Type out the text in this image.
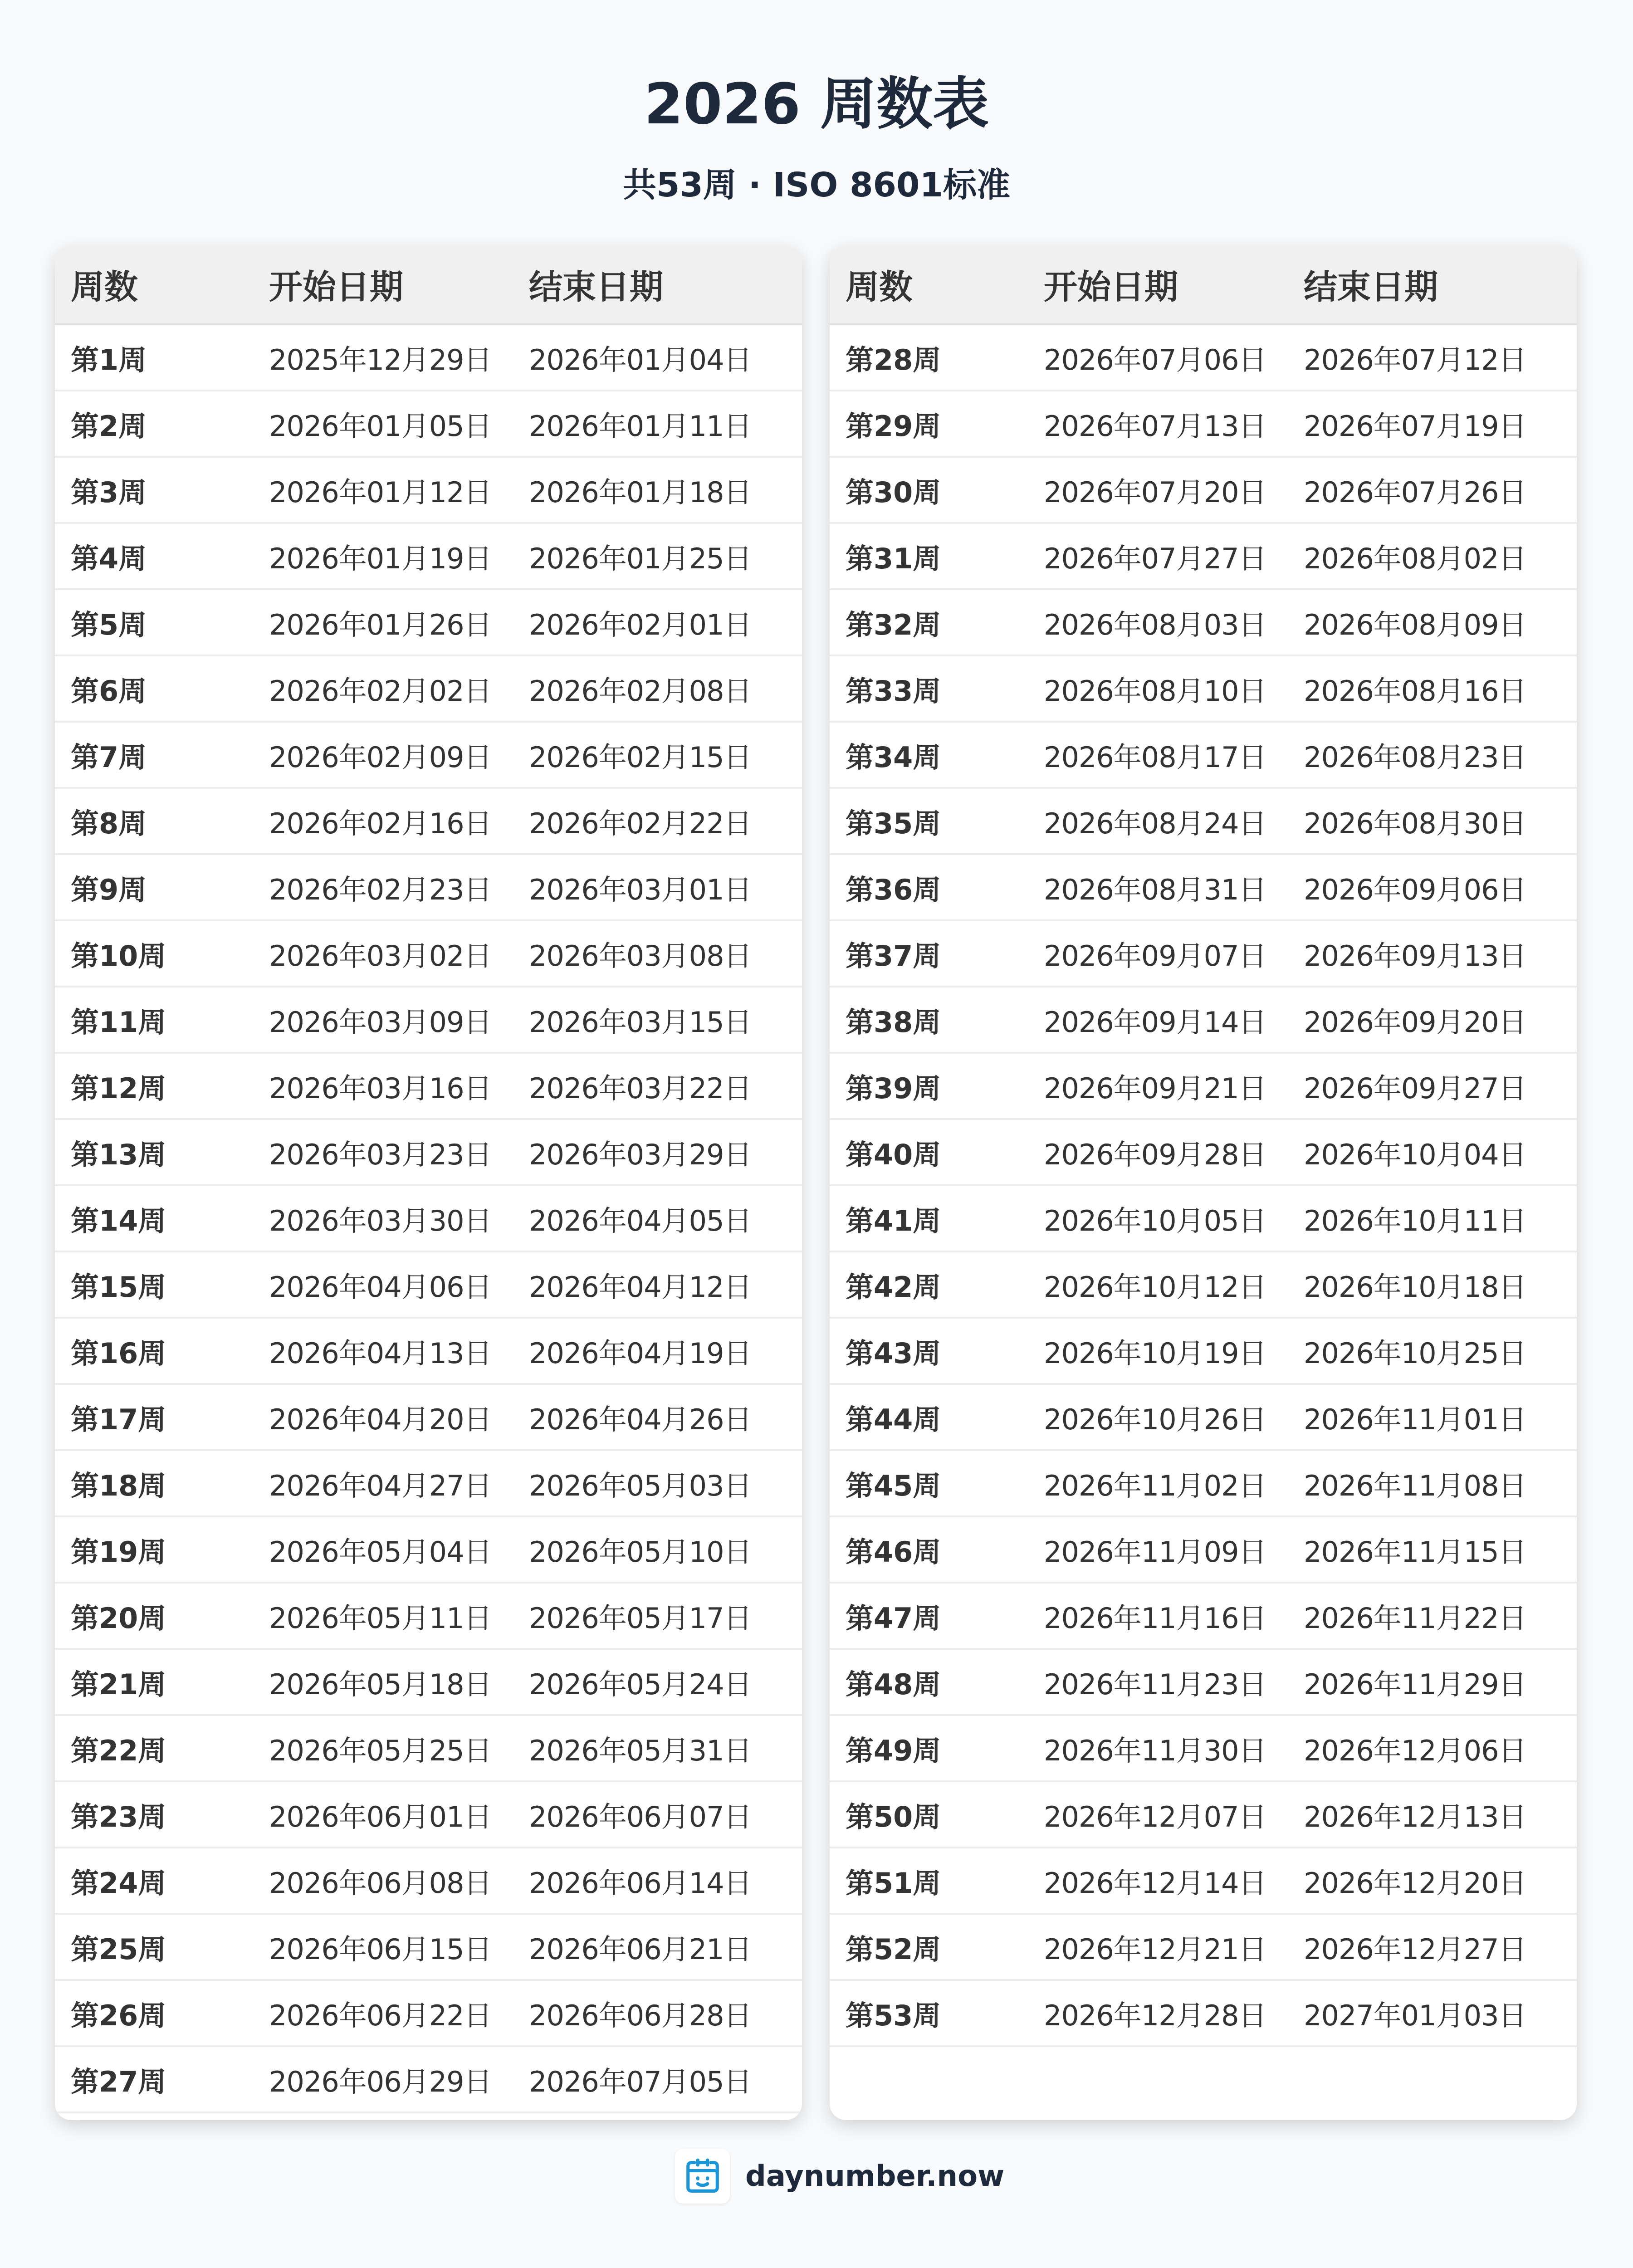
2026 周数表
共53周 · ISO 8601标准
周数	开始日期	结束日期
第1周	2025年12月29日 2026年01月04日
第2周	2026年01月05日 2026年01月11日
第3周	2026年01月12日 2026年01月18日
第4周	2026年01月19日 2026年01月25日
第5周	2026年01月26日 2026年02月01日
第6周	2026年02月02日 2026年02月08日
第7周	2026年02月09日 2026年02月15日
第8周	2026年02月16日 2026年02月22日
第9周	2026年02月23日 2026年03月01日
第10周	2026年03月02日 2026年03月08日
第11周	2026年03月09日 2026年03月15日
第12周	2026年03月16日 2026年03月22日
第13周	2026年03月23日 2026年03月29日
第14周	2026年03月30日 2026年04月05日
第15周	2026年04月06日 2026年04月12日
第16周	2026年04月13日 2026年04月19日
第17周	2026年04月20日 2026年04月26日
第18周	2026年04月27日 2026年05月03日
第19周	2026年05月04日 2026年05月10日
第20周	2026年05月11日 2026年05月17日
第21周	2026年05月18日 2026年05月24日
第22周	2026年05月25日 2026年05月31日
第23周	2026年06月01日 2026年06月07日
第24周	2026年06月08日 2026年06月14日
第25周	2026年06月15日 2026年06月21日
第26周	2026年06月22日 2026年06月28日
第27周	2026年06月29日 2026年07月05日
周数	开始日期	结束日期
第28周	2026年07月06日 2026年07月12日
第29周	2026年07月13日 2026年07月19日
第30周	2026年07月20日 2026年07月26日
第31周	2026年07月27日 2026年08月02日
第32周	2026年08月03日 2026年08月09日
第33周	2026年08月10日 2026年08月16日
第34周	2026年08月17日 2026年08月23日
第35周	2026年08月24日 2026年08月30日
第36周	2026年08月31日 2026年09月06日
第37周	2026年09月07日 2026年09月13日
第38周	2026年09月14日 2026年09月20日
第39周	2026年09月21日 2026年09月27日
第40周	2026年09月28日 2026年10月04日
第41周	2026年10月05日 2026年10月11日
第42周	2026年10月12日 2026年10月18日
第43周	2026年10月19日 2026年10月25日
第44周	2026年10月26日 2026年11月01日
第45周	2026年11月02日 2026年11月08日
第46周	2026年11月09日 2026年11月15日
第47周	2026年11月16日 2026年11月22日
第48周	2026年11月23日 2026年11月29日
第49周	2026年11月30日 2026年12月06日
第50周	2026年12月07日 2026年12月13日
第51周	2026年12月14日 2026年12月20日
第52周	2026年12月21日 2026年12月27日
第53周	2026年12月28日 2027年01月03日
daynumber.now
